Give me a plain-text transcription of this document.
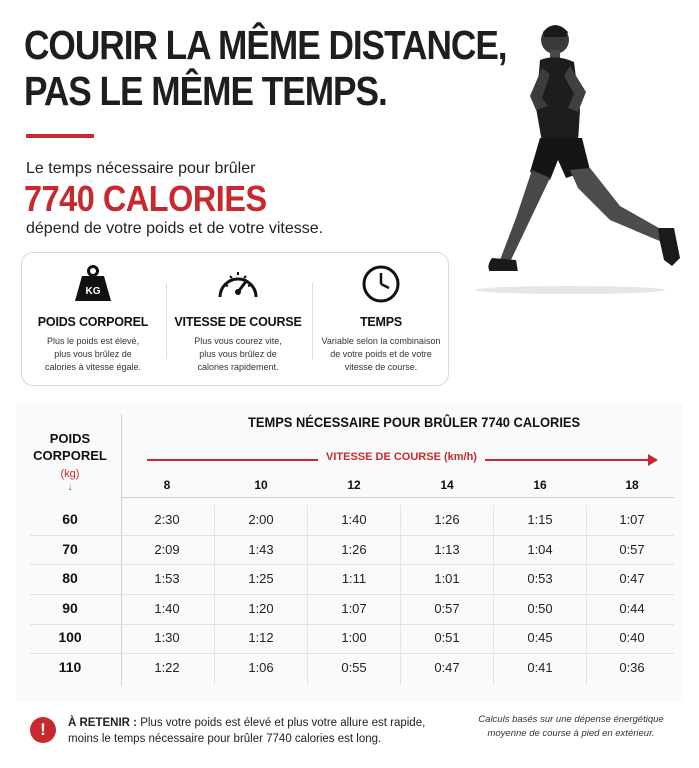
COURIR LA MÊME DISTANCE,
PAS LE MÊME TEMPS.
Le temps nécessaire pour brûler
7740 CALORIES
dépend de votre poids et de votre vitesse.
KG
POIDS CORPOREL

Plus le poids est élevé,
plus vous brûlez de
calories à vitesse égale.

VITESSE DE COURSE

Plus vous courez vite,
plus vous brûlez de
calories rapidement.

TEMPS

Variable selon la combinaison
de votre poids et de votre
vitesse de course.

TEMPS NÉCESSAIRE POUR BRÛLER 7740 CALORIES
VITESSE DE COURSE (km/h)
POIDS
CORPOREL
(kg)
↓	8	10	12	14	16	18
60	2:30	2:00	1:40	1:26	1:15	1:07
70	2:09	1:43	1:26	1:13	1:04	0:57
80	1:53	1:25	1:11	1:01	0:53	0:47
90	1:40	1:20	1:07	0:57	0:50	0:44
100	1:30	1:12	1:00	0:51	0:45	0:40
110	1:22	1:06	0:55	0:47	0:41	0:36
!	À RETENIR : Plus votre poids est élevé et plus votre allure est rapide,
moins le temps nécessaire pour brûler 7740 calories est long.
Calculs basés sur une dépense énergétique
moyenne de course à pied en extérieur.
